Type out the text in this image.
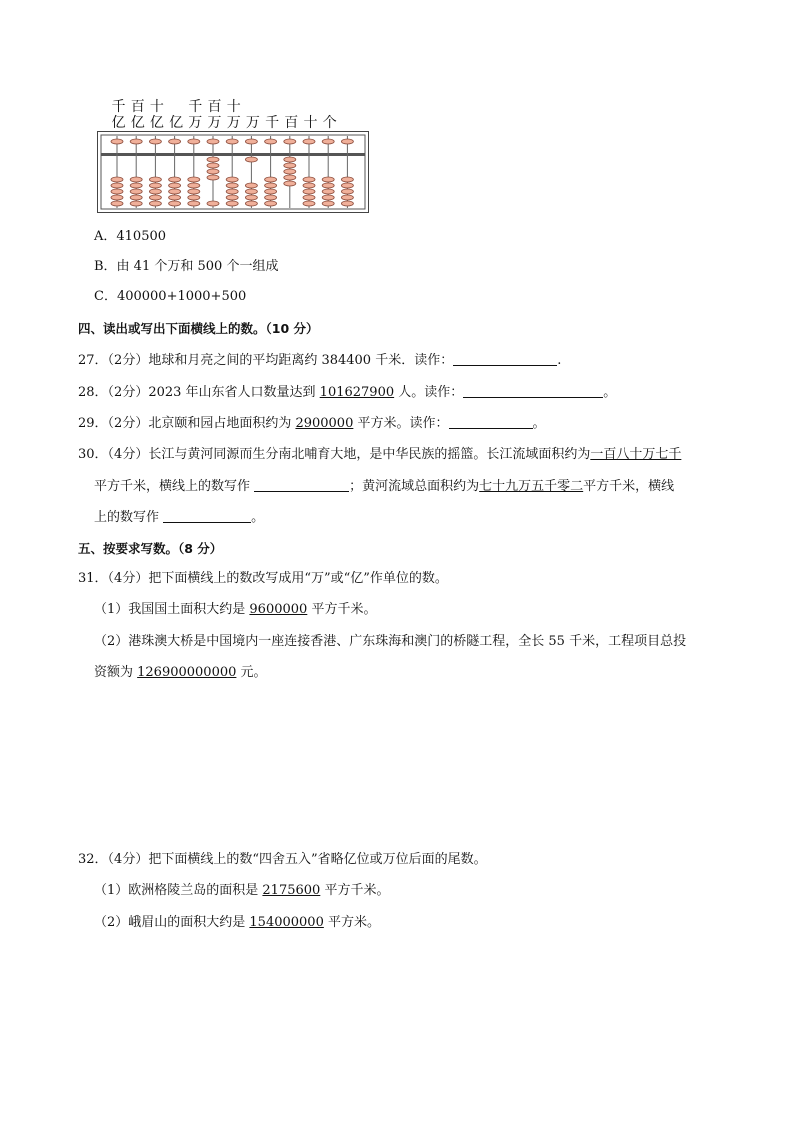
千 百 十 千 百 十
亿 亿 亿 亿 万 万 万 万 千 百 十 个
A．410500
B．由 41 个万和 500 个一组成
C．400000+1000+500
四、读出或写出下面横线上的数。（10 分）
27．（2分）地球和月亮之间的平均距离约 384400 千米．读作：	.
28．（2分）2023 年山东省人口数量达到 101627900 人。读作：	。
29．（2分）北京颐和园占地面积约为 2900000 平方米。读作：	。
30．（4分）长江与黄河同源而生分南北哺育大地，是中华民族的摇篮。长江流域面积约为一百八十万七千
平方千米，横线上的数写作	；黄河流域总面积约为七十九万五千零二平方千米，横线
上的数写作	。
五、按要求写数。（8 分）
31．（4分）把下面横线上的数改写成用“万”或“亿”作单位的数。
（1）我国国土面积大约是 9600000 平方千米。
（2）港珠澳大桥是中国境内一座连接香港、广东珠海和澳门的桥隧工程，全长 55 千米，工程项目总投
资额为 126900000000 元。
32．（4分）把下面横线上的数“四舍五入”省略亿位或万位后面的尾数。
（1）欧洲格陵兰岛的面积是 2175600 平方千米。
（2）峨眉山的面积大约是 154000000 平方米。
